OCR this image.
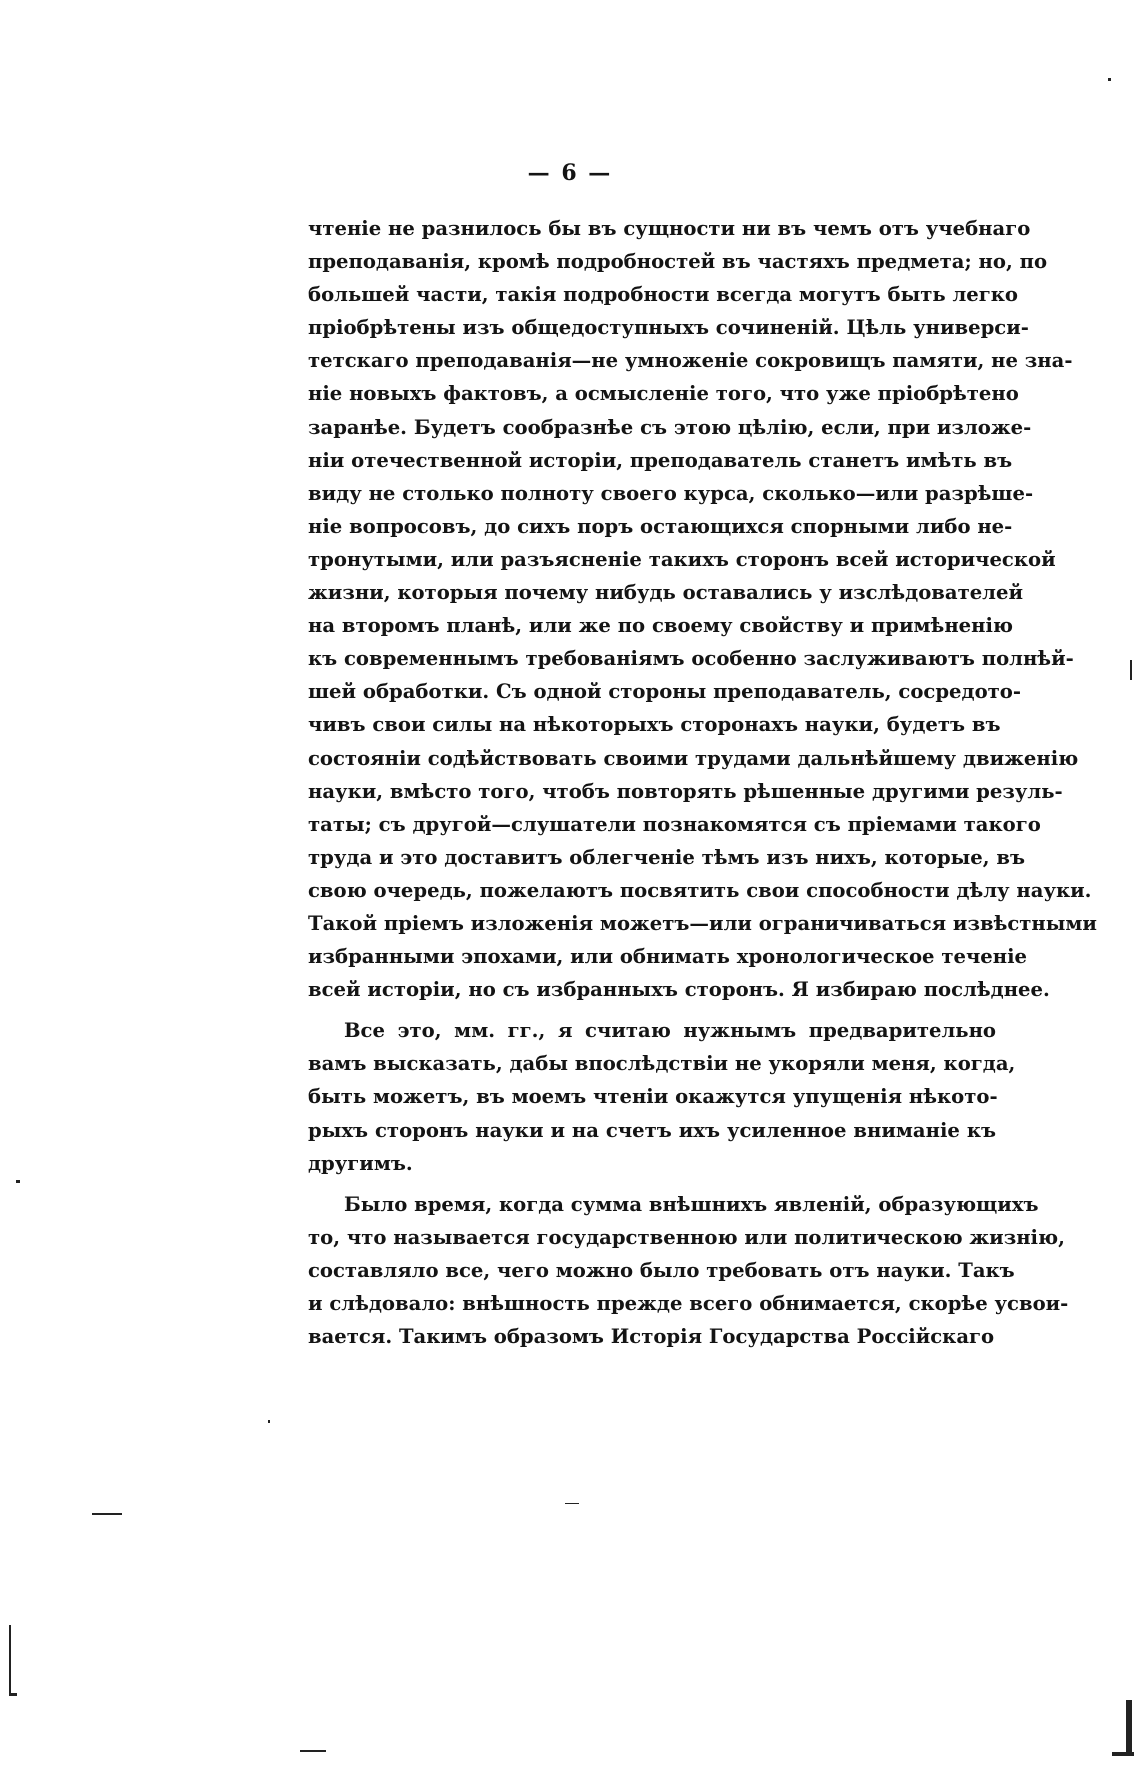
— 6 —
чтеніе не разнилось бы въ сущности ни въ чемъ отъ учебнаго
преподаванія, кромѣ подробностей въ частяхъ предмета; но, по
большей части, такія подробности всегда могутъ быть легко
пріобрѣтены изъ общедоступныхъ сочиненій. Цѣль универси-
тетскаго преподаванія—не умноженіе сокровищъ памяти, не зна-
ніе новыхъ фактовъ, а осмысленіе того, что уже пріобрѣтено
заранѣе. Будетъ сообразнѣе съ этою цѣлію, если, при изложе-
ніи отечественной исторіи, преподаватель станетъ имѣть въ
виду не столько полноту своего курса, сколько—или разрѣше-
ніе вопросовъ, до сихъ поръ остающихся спорными либо не-
тронутыми, или разъясненіе такихъ сторонъ всей исторической
жизни, которыя почему нибудь оставались у изслѣдователей
на второмъ планѣ, или же по своему свойству и примѣненію
къ современнымъ требованіямъ особенно заслуживаютъ полнѣй-
шей обработки. Съ одной стороны преподаватель, сосредото-
чивъ свои силы на нѣкоторыхъ сторонахъ науки, будетъ въ
состояніи содѣйствовать своими трудами дальнѣйшему движенію
науки, вмѣсто того, чтобъ повторять рѣшенные другими резуль-
таты; съ другой—слушатели познакомятся съ пріемами такого
труда и это доставитъ облегченіе тѣмъ изъ нихъ, которые, въ
свою очередь, пожелаютъ посвятить свои способности дѣлу науки.
Такой пріемъ изложенія можетъ—или ограничиваться извѣстными
избранными эпохами, или обнимать хронологическое теченіе
всей исторіи, но съ избранныхъ сторонъ. Я избираю послѣднее.
Все это, мм. гг., я считаю нужнымъ предварительно
вамъ высказать, дабы впослѣдствіи не укоряли меня, когда,
быть можетъ, въ моемъ чтеніи окажутся упущенія нѣкото-
рыхъ сторонъ науки и на счетъ ихъ усиленное вниманіе къ
другимъ.
Было время, когда сумма внѣшнихъ явленій, образующихъ
то, что называется государственною или политическою жизнію,
составляло все, чего можно было требовать отъ науки. Такъ
и слѣдовало: внѣшность прежде всего обнимается, скорѣе усвои-
вается. Такимъ образомъ Исторія Государства Россійскаго
